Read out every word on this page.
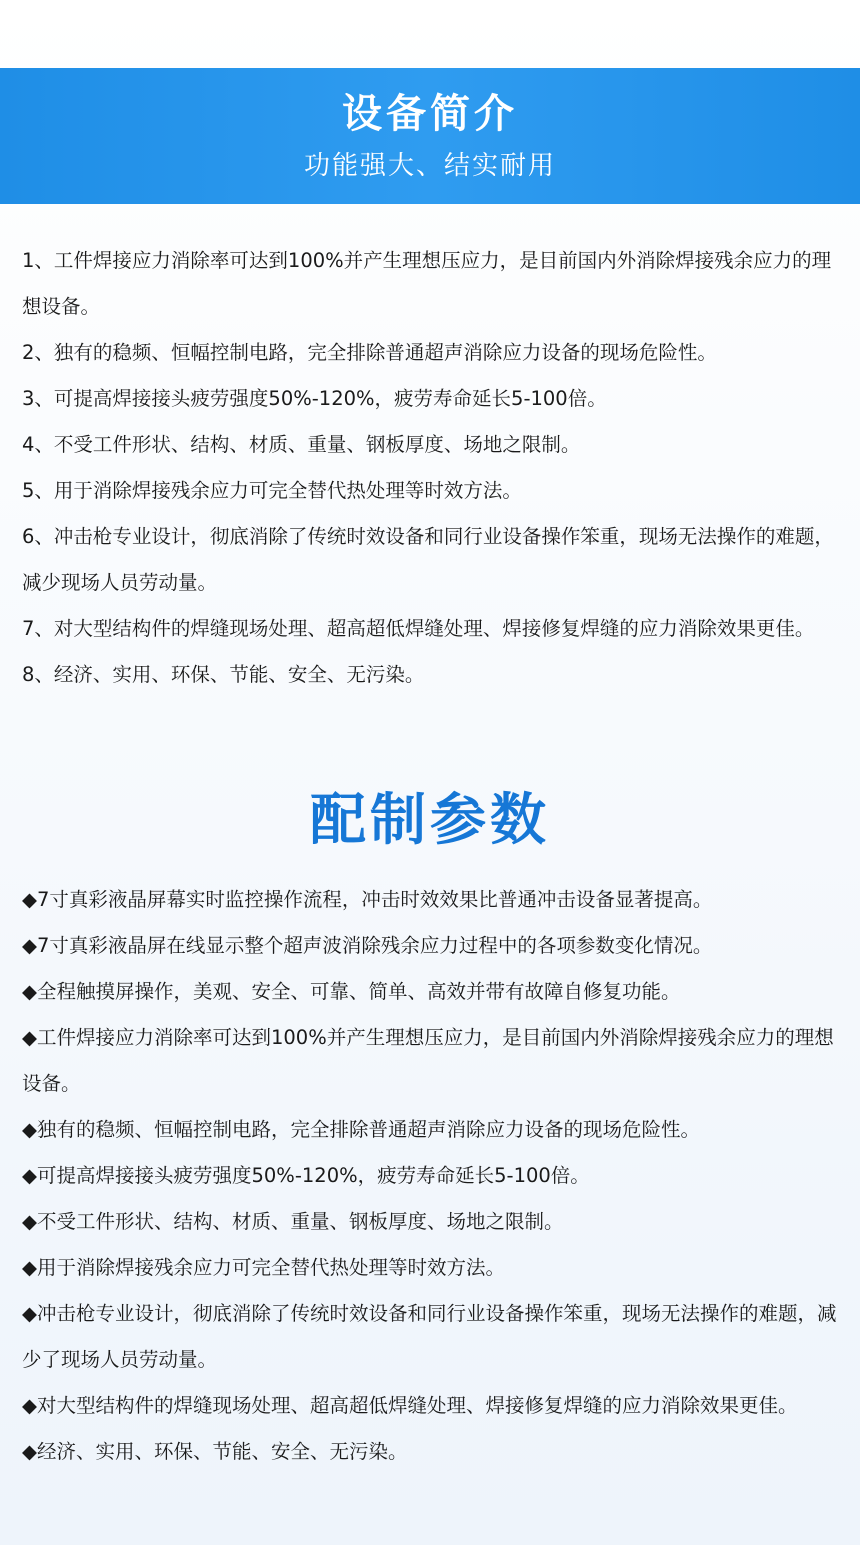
设备简介
功能强大、结实耐用
1、工件焊接应力消除率可达到100%并产生理想压应力，是目前国内外消除焊接残余应力的理想设备。
2、独有的稳频、恒幅控制电路，完全排除普通超声消除应力设备的现场危险性。
3、可提高焊接接头疲劳强度50%-120%，疲劳寿命延长5-100倍。
4、不受工件形状、结构、材质、重量、钢板厚度、场地之限制。
5、用于消除焊接残余应力可完全替代热处理等时效方法。
6、冲击枪专业设计，彻底消除了传统时效设备和同行业设备操作笨重，现场无法操作的难题，减少现场人员劳动量。
7、对大型结构件的焊缝现场处理、超高超低焊缝处理、焊接修复焊缝的应力消除效果更佳。
8、经济、实用、环保、节能、安全、无污染。
配制参数
◆7寸真彩液晶屏幕实时监控操作流程，冲击时效效果比普通冲击设备显著提高。
◆7寸真彩液晶屏在线显示整个超声波消除残余应力过程中的各项参数变化情况。
◆全程触摸屏操作，美观、安全、可靠、简单、高效并带有故障自修复功能。
◆工件焊接应力消除率可达到100%并产生理想压应力，是目前国内外消除焊接残余应力的理想设备。
◆独有的稳频、恒幅控制电路，完全排除普通超声消除应力设备的现场危险性。
◆可提高焊接接头疲劳强度50%-120%，疲劳寿命延长5-100倍。
◆不受工件形状、结构、材质、重量、钢板厚度、场地之限制。
◆用于消除焊接残余应力可完全替代热处理等时效方法。
◆冲击枪专业设计，彻底消除了传统时效设备和同行业设备操作笨重，现场无法操作的难题，减少了现场人员劳动量。
◆对大型结构件的焊缝现场处理、超高超低焊缝处理、焊接修复焊缝的应力消除效果更佳。
◆经济、实用、环保、节能、安全、无污染。
